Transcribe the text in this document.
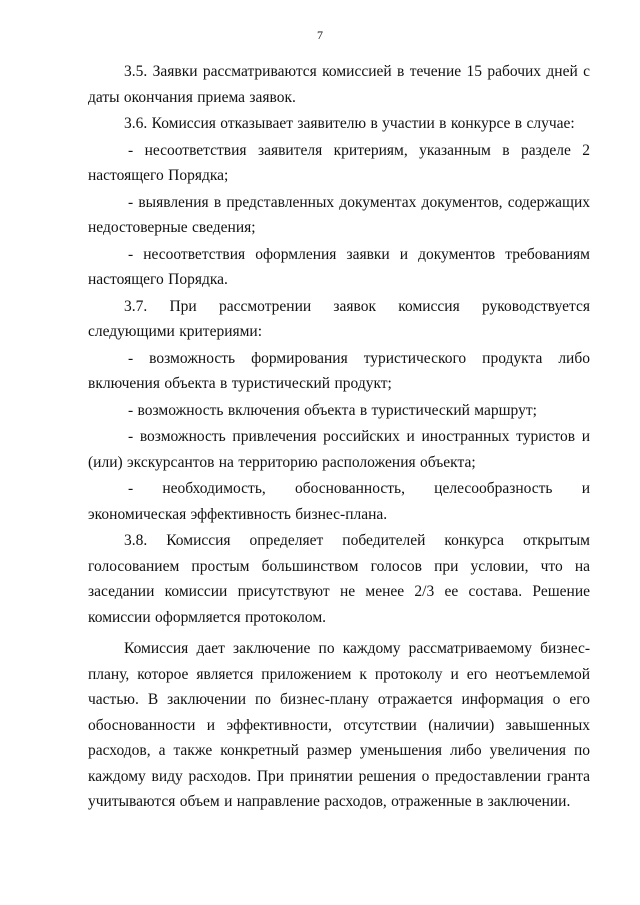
7

3.5. Заявки рассматриваются комиссией в течение 15 рабочих дней с даты окончания приема заявок.

3.6. Комиссия отказывает заявителю в участии в конкурсе в случае:

- несоответствия заявителя критериям, указанным в разделе 2 настоящего Порядка;

- выявления в представленных документах документов, содержащих недостоверные сведения;

- несоответствия оформления заявки и документов требованиям настоящего Порядка.

3.7. При рассмотрении заявок комиссия руководствуется следующими критериями:

- возможность формирования туристического продукта либо включения объекта в туристический продукт;

- возможность включения объекта в туристический маршрут;

- возможность привлечения российских и иностранных туристов и (или) экскурсантов на территорию расположения объекта;

- необходимость, обоснованность, целесообразность и экономическая эффективность бизнес-плана.

3.8. Комиссия определяет победителей конкурса открытым голосованием простым большинством голосов при условии, что на заседании комиссии присутствуют не менее 2/3 ее состава. Решение комиссии оформляется протоколом.

Комиссия дает заключение по каждому рассматриваемому бизнес-плану, которое является приложением к протоколу и его неотъемлемой частью. В заключении по бизнес-плану отражается информация о его обоснованности и эффективности, отсутствии (наличии) завышенных расходов, а также конкретный размер уменьшения либо увеличения по каждому виду расходов. При принятии решения о предоставлении гранта учитываются объем и направление расходов, отраженные в заключении.
